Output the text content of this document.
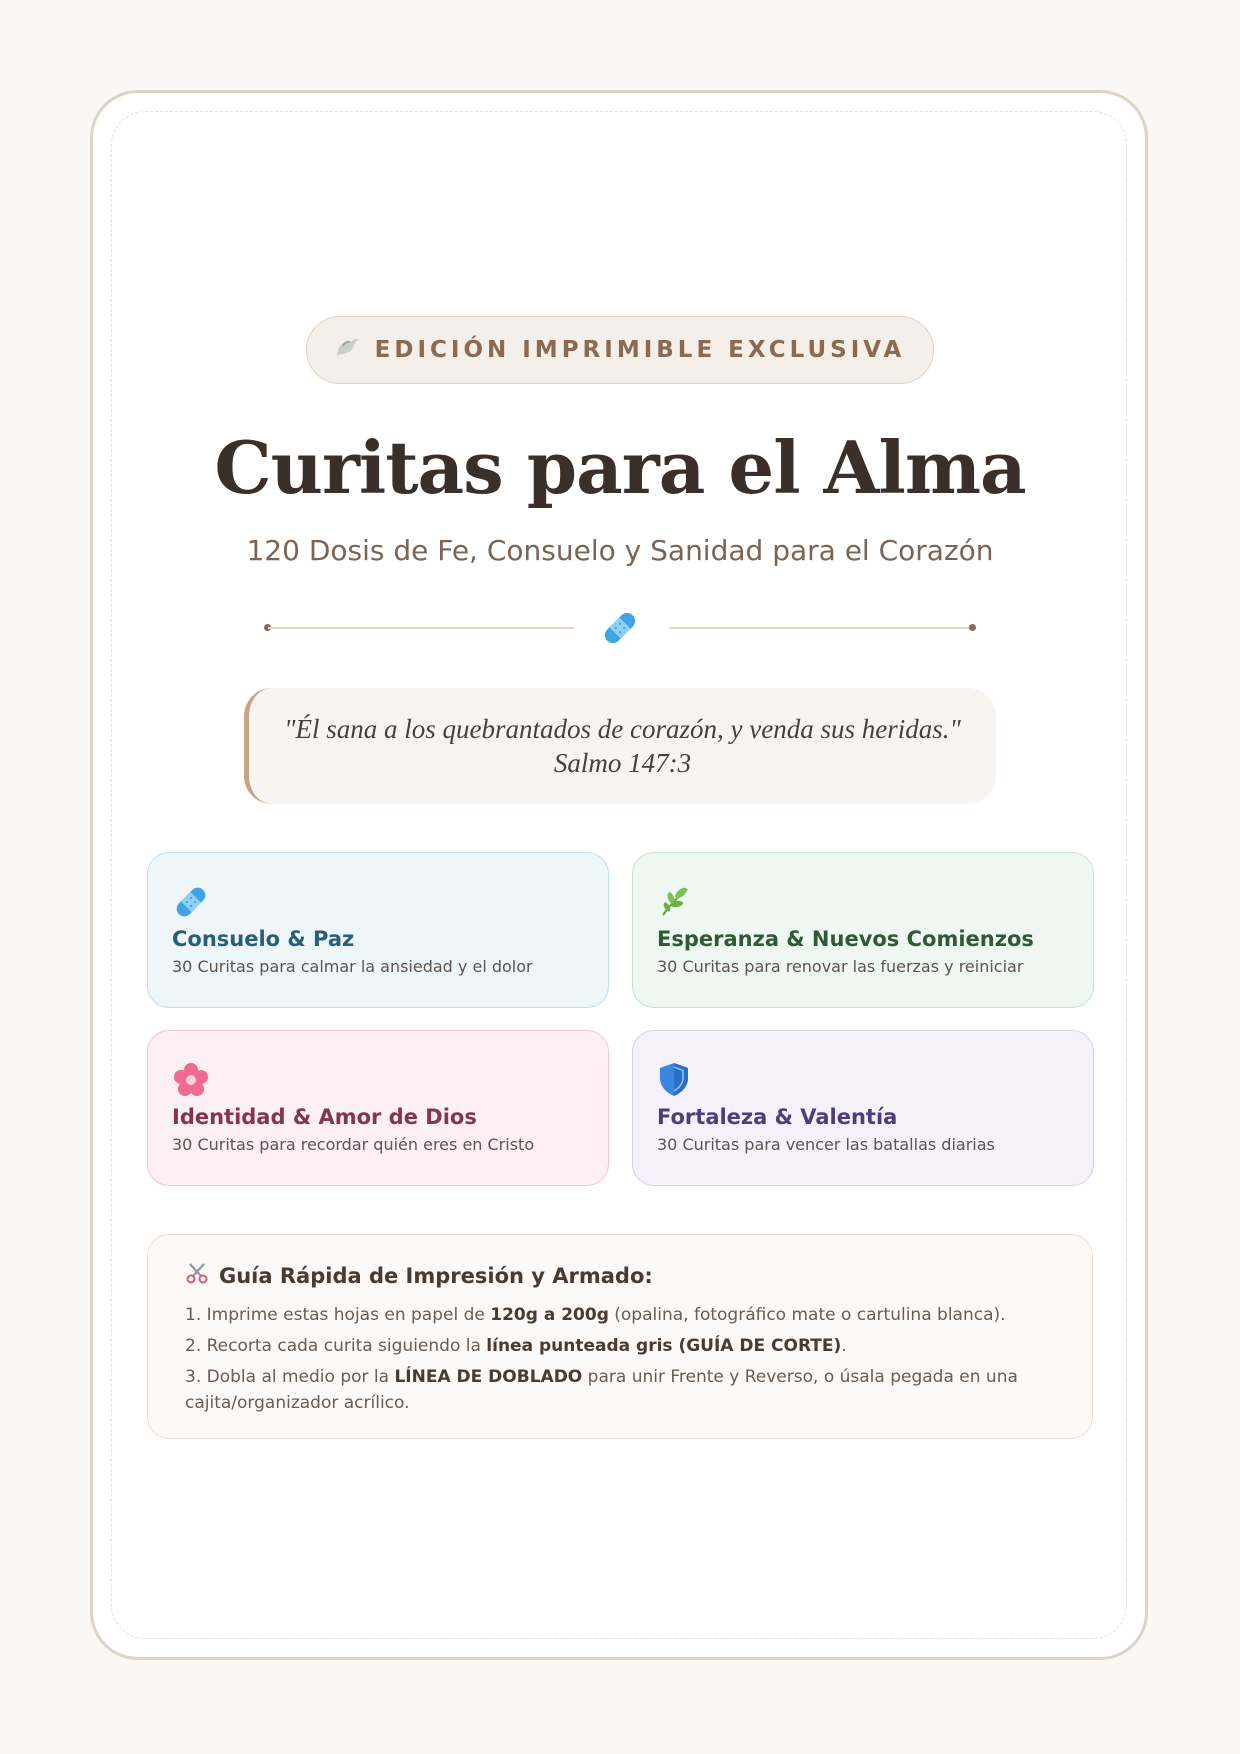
EDICIÓN IMPRIMIBLE EXCLUSIVA
Curitas para el Alma
120 Dosis de Fe, Consuelo y Sanidad para el Corazón
"Él sana a los quebrantados de corazón, y venda sus heridas."
Salmo 147:3
Consuelo & Paz
30 Curitas para calmar la ansiedad y el dolor
Esperanza & Nuevos Comienzos
30 Curitas para renovar las fuerzas y reiniciar
Identidad & Amor de Dios
30 Curitas para recordar quién eres en Cristo
Fortaleza & Valentía
30 Curitas para vencer las batallas diarias
Guía Rápida de Impresión y Armado:

1. Imprime estas hojas en papel de 120g a 200g (opalina, fotográfico mate o cartulina blanca).

2. Recorta cada curita siguiendo la línea punteada gris (GUÍA DE CORTE).

3. Dobla al medio por la LÍNEA DE DOBLADO para unir Frente y Reverso, o úsala pegada en una cajita/organizador acrílico.
